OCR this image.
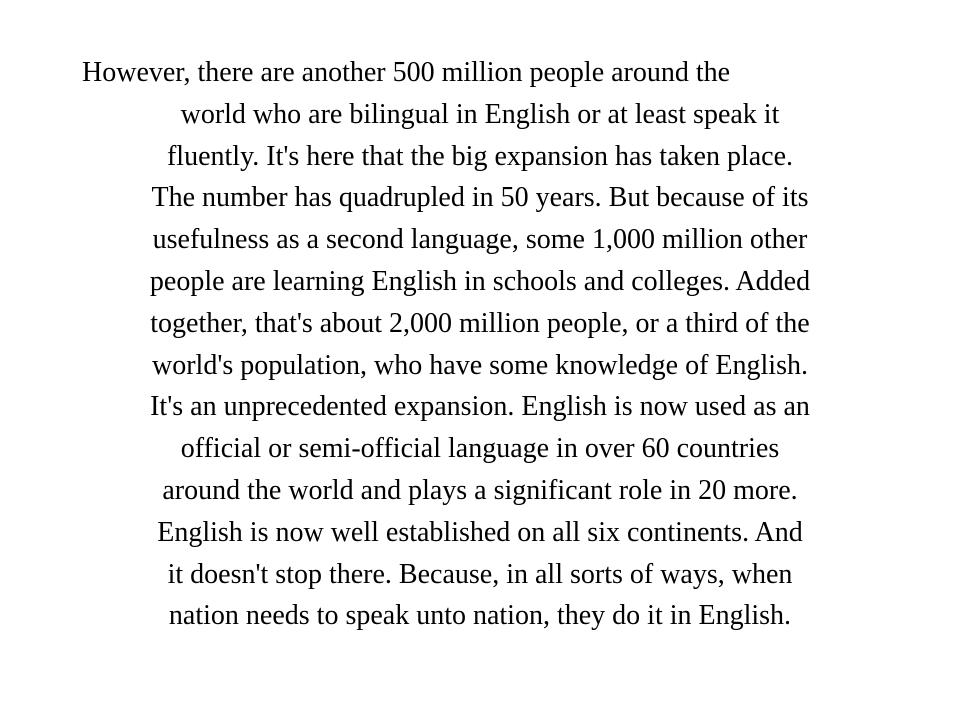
However, there are another 500 million people around the
world who are bilingual in English or at least speak it
fluently. It's here that the big expansion has taken place.
The number has quadrupled in 50 years. But because of its
usefulness as a second language, some 1,000 million other
people are learning English in schools and colleges. Added
together, that's about 2,000 million people, or a third of the
world's population, who have some knowledge of English.
It's an unprecedented expansion. English is now used as an
official or semi-official language in over 60 countries
around the world and plays a significant role in 20 more.
English is now well established on all six continents. And
it doesn't stop there. Because, in all sorts of ways, when
nation needs to speak unto nation, they do it in English.
